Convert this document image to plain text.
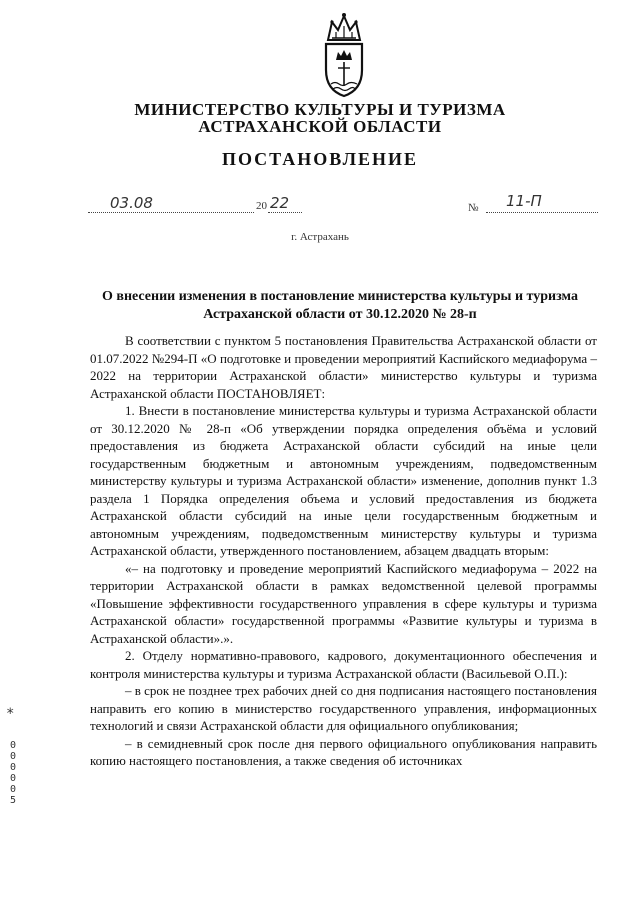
МИНИСТЕРСТВО КУЛЬТУРЫ И ТУРИЗМА
АСТРАХАНСКОЙ ОБЛАСТИ
ПОСТАНОВЛЕНИЕ
03.08	20 22	№ 11-П
г. Астрахань
О внесении изменения в постановление министерства культуры и туризма Астраханской области от 30.12.2020 № 28-п

В соответствии с пунктом 5 постановления Правительства Астраханской области от 01.07.2022 №294-П «О подготовке и проведении мероприятий Каспийского медиафорума – 2022 на территории Астраханской области» министерство культуры и туризма Астраханской области ПОСТАНОВЛЯЕТ:

1. Внести в постановление министерства культуры и туризма Астраханской области от 30.12.2020 № 28-п «Об утверждении порядка определения объёма и условий предоставления из бюджета Астраханской области субсидий на иные цели государственным бюджетным и автономным учреждениям, подведомственным министерству культуры и туризма Астраханской области» изменение, дополнив пункт 1.3 раздела 1 Порядка определения объема и условий предоставления из бюджета Астраханской области субсидий на иные цели государственным бюджетным и автономным учреждениям, подведомственным министерству культуры и туризма Астраханской области, утвержденного постановлением, абзацем двадцать вторым:

«– на подготовку и проведение мероприятий Каспийского медиафорума – 2022 на территории Астраханской области в рамках ведомственной целевой программы «Повышение эффективности государственного управления в сфере культуры и туризма Астраханской области» государственной программы «Развитие культуры и туризма в Астраханской области».».

2. Отделу нормативно-правового, кадрового, документационного обеспечения и контроля министерства культуры и туризма Астраханской области (Васильевой О.П.):

– в срок не позднее трех рабочих дней со дня подписания настоящего постановления направить его копию в министерство государственного управления, информационных технологий и связи Астраханской области для официального опубликования;

– в семидневный срок после дня первого официального опубликования направить копию настоящего постановления, а также сведения об источниках

*
000005
